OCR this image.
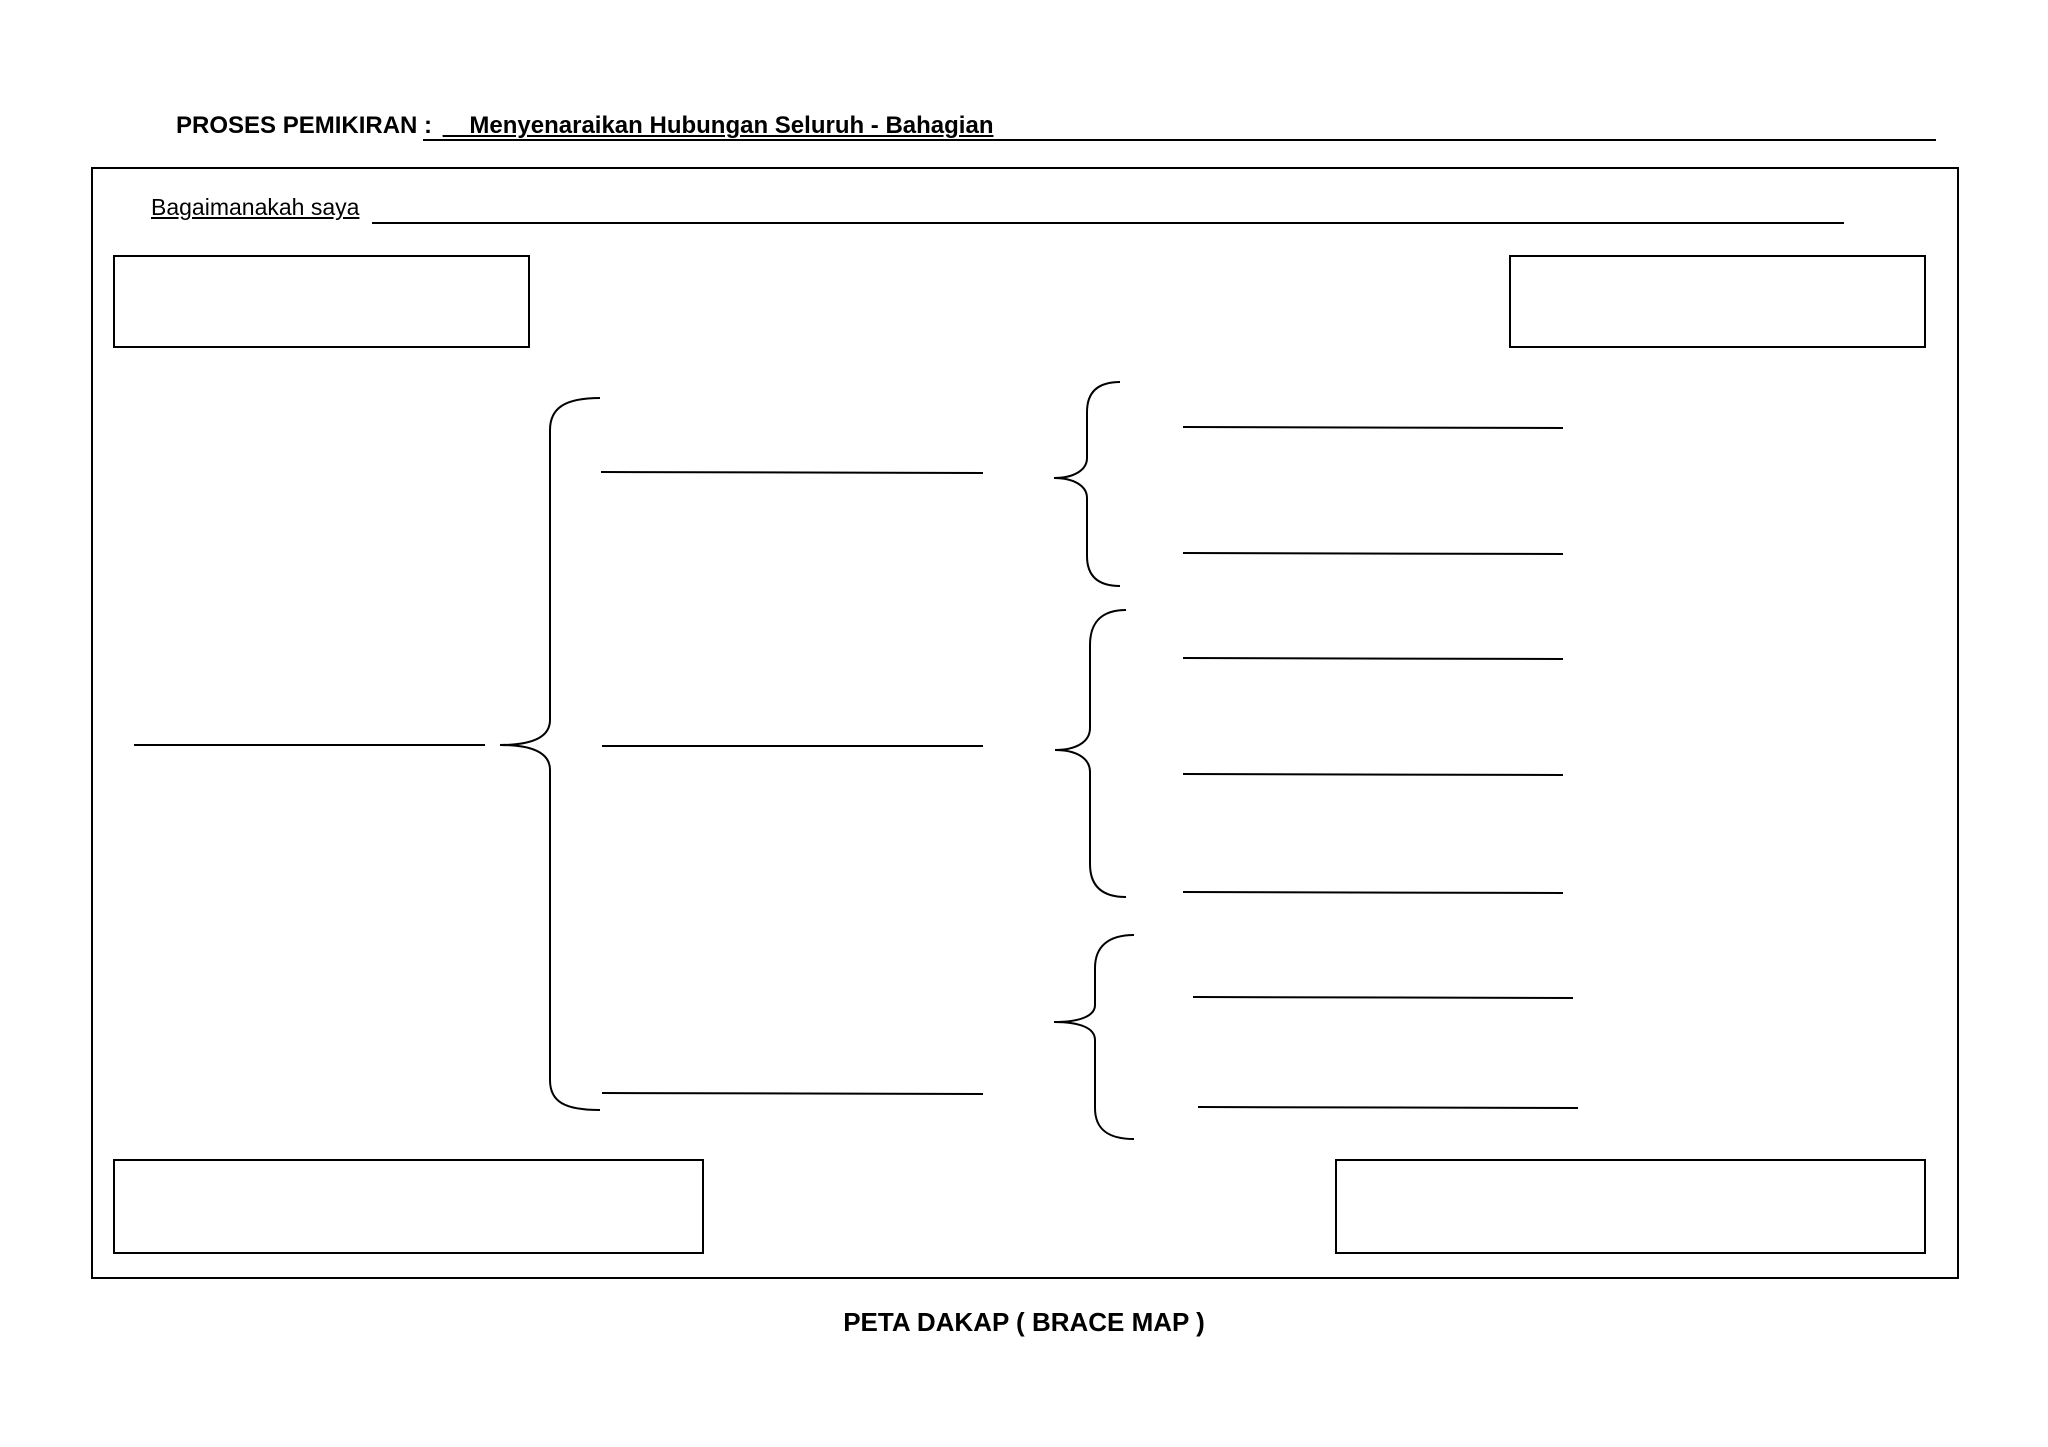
PROSES PEMIKIRAN : __Menyenaraikan Hubungan Seluruh - Bahagian
Bagaimanakah saya
PETA DAKAP ( BRACE MAP )
